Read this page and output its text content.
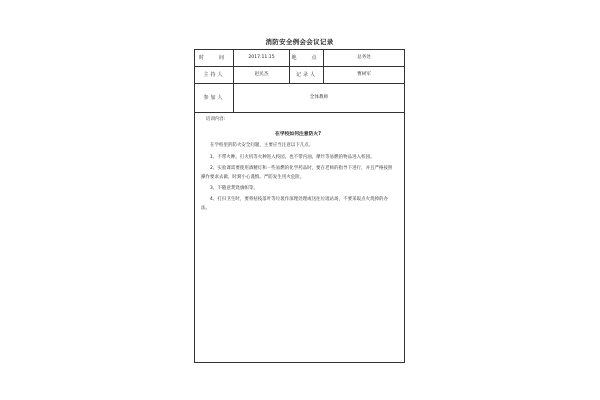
消防安全例会会议记录
时　间	2017.11.15	地　点	总务处
主持人	赵民杰	记录人	曹树军
参加人	全体教师
培训内容:
在学校如何注意防火?

在学校里的防火安全问题，主要应当注意以下几点。

1、不带火种。打火机等火种进入校园。也不带内油、爆竹等易燃的物品进入校园。

2、实验课需要使用酒精灯和一些易燃的化学药品时，要在老师的指导下进行，并且严格按照操作要求去做，时刻小心谨慎。严防发生用火危险。

3、不随意焚烧旗帜等。

4、打扫卫生时，要将枯枝落叶等垃圾作深埋处理或送往垃圾站场，不要采取点火烧掉的办法。
